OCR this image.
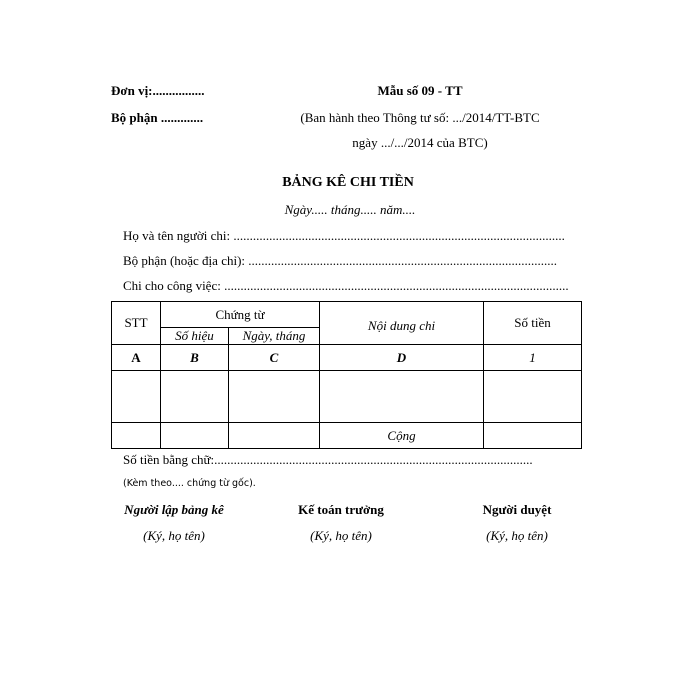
Đơn vị:................
Bộ phận .............
Mẫu số 09 - TT
(Ban hành theo Thông tư số: .../2014/TT-BTC
ngày .../.../2014 của BTC)
BẢNG KÊ CHI TIỀN
Ngày..... tháng..... năm....
Họ và tên người chi: ......................................................................................................
Bộ phận (hoặc địa chỉ): ...............................................................................................
Chi cho công việc: ..........................................................................................................
STT	Chứng từ		Nội dung chi	Số tiền
	Số hiệu	Ngày, tháng		
A	B	C	D	1

			Cộng	
Số tiền bằng chữ:..................................................................................................
(Kèm theo.... chứng từ gốc).
Người lập bảng kê
(Ký, họ tên)
Kế toán trưởng
(Ký, họ tên)
Người duyệt
(Ký, họ tên)
